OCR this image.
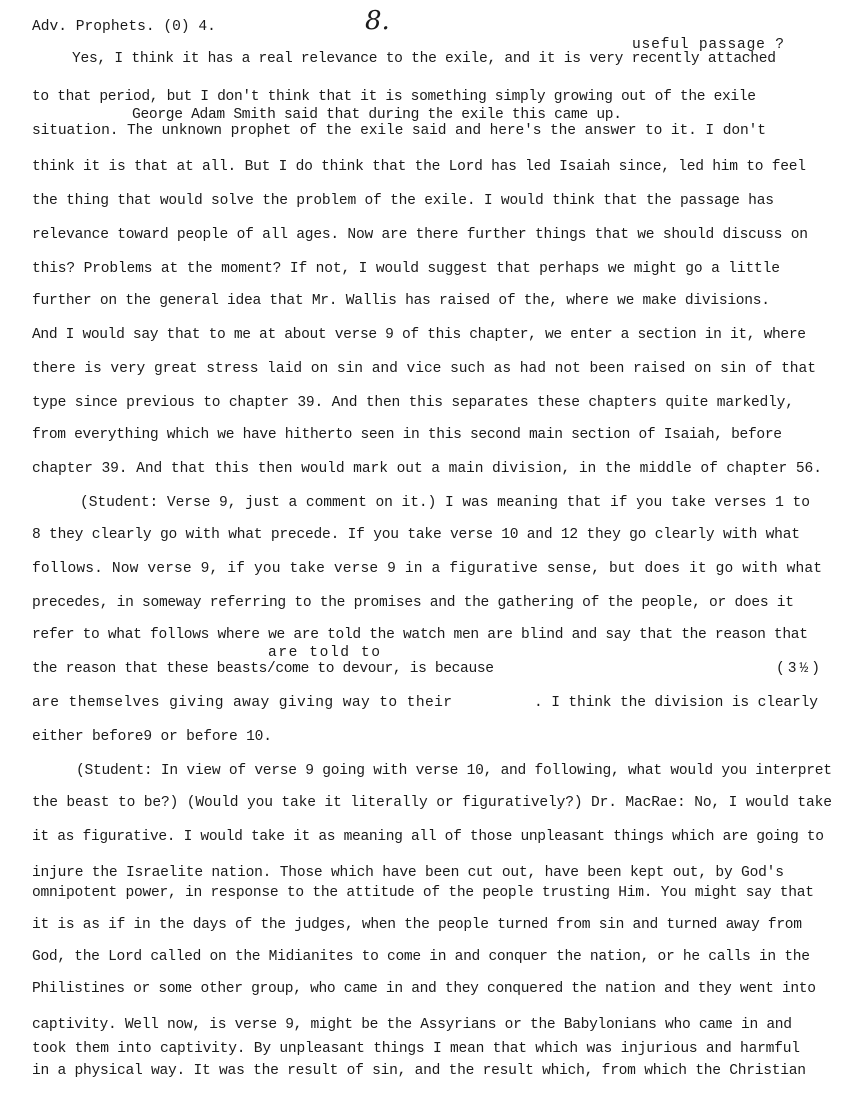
Adv. Prophets. (0) 4.	8.
useful passage ?
Yes, I think it has a real relevance to the exile, and it is very recently attached
to that period, but I don't think that it is something simply growing out of the exile
George Adam Smith said that during the exile this came up.
situation. The unknown prophet of the exile said and here's the answer to it. I don't
think it is that at all. But I do think that the Lord has led Isaiah since, led him to feel
the thing that would solve the problem of the exile. I would think that the passage has
relevance toward people of all ages. Now are there further things that we should discuss on
this? Problems at the moment? If not, I would suggest that perhaps we might go a little
further on the general idea that Mr. Wallis has raised of the, where we make divisions.
And I would say that to me at about verse 9 of this chapter, we enter a section in it, where
there is very great stress laid on sin and vice such as had not been raised on sin of that
type since previous to chapter 39. And then this separates these chapters quite markedly,
from everything which we have hitherto seen in this second main section of Isaiah, before
chapter 39. And that this then would mark out a main division, in the middle of chapter 56.
(Student: Verse 9, just a comment on it.) I was meaning that if you take verses 1 to
8 they clearly go with what precede. If you take verse 10 and 12 they go clearly with what
follows. Now verse 9, if you take verse 9 in a figurative sense, but does it go with what
precedes, in someway referring to the promises and the gathering of the people, or does it
refer to what follows where we are told the watch men are blind and say that the reason that
are told to
the reason that these beasts/come to devour, is because	(3½)
are themselves giving away giving way to their	. I think the division is clearly
either before9 or before 10.
(Student: In view of verse 9 going with verse 10, and following, what would you interpret
the beast to be?) (Would you take it literally or figuratively?) Dr. MacRae: No, I would take
it as figurative. I would take it as meaning all of those unpleasant things which are going to
injure the Israelite nation. Those which have been cut out, have been kept out, by God's
omnipotent power, in response to the attitude of the people trusting Him. You might say that
it is as if in the days of the judges, when the people turned from sin and turned away from
God, the Lord called on the Midianites to come in and conquer the nation, or he calls in the
Philistines or some other group, who came in and they conquered the nation and they went into
captivity. Well now, is verse 9, might be the Assyrians or the Babylonians who came in and
took them into captivity. By unpleasant things I mean that which was injurious and harmful
in a physical way. It was the result of sin, and the result which, from which the Christian
